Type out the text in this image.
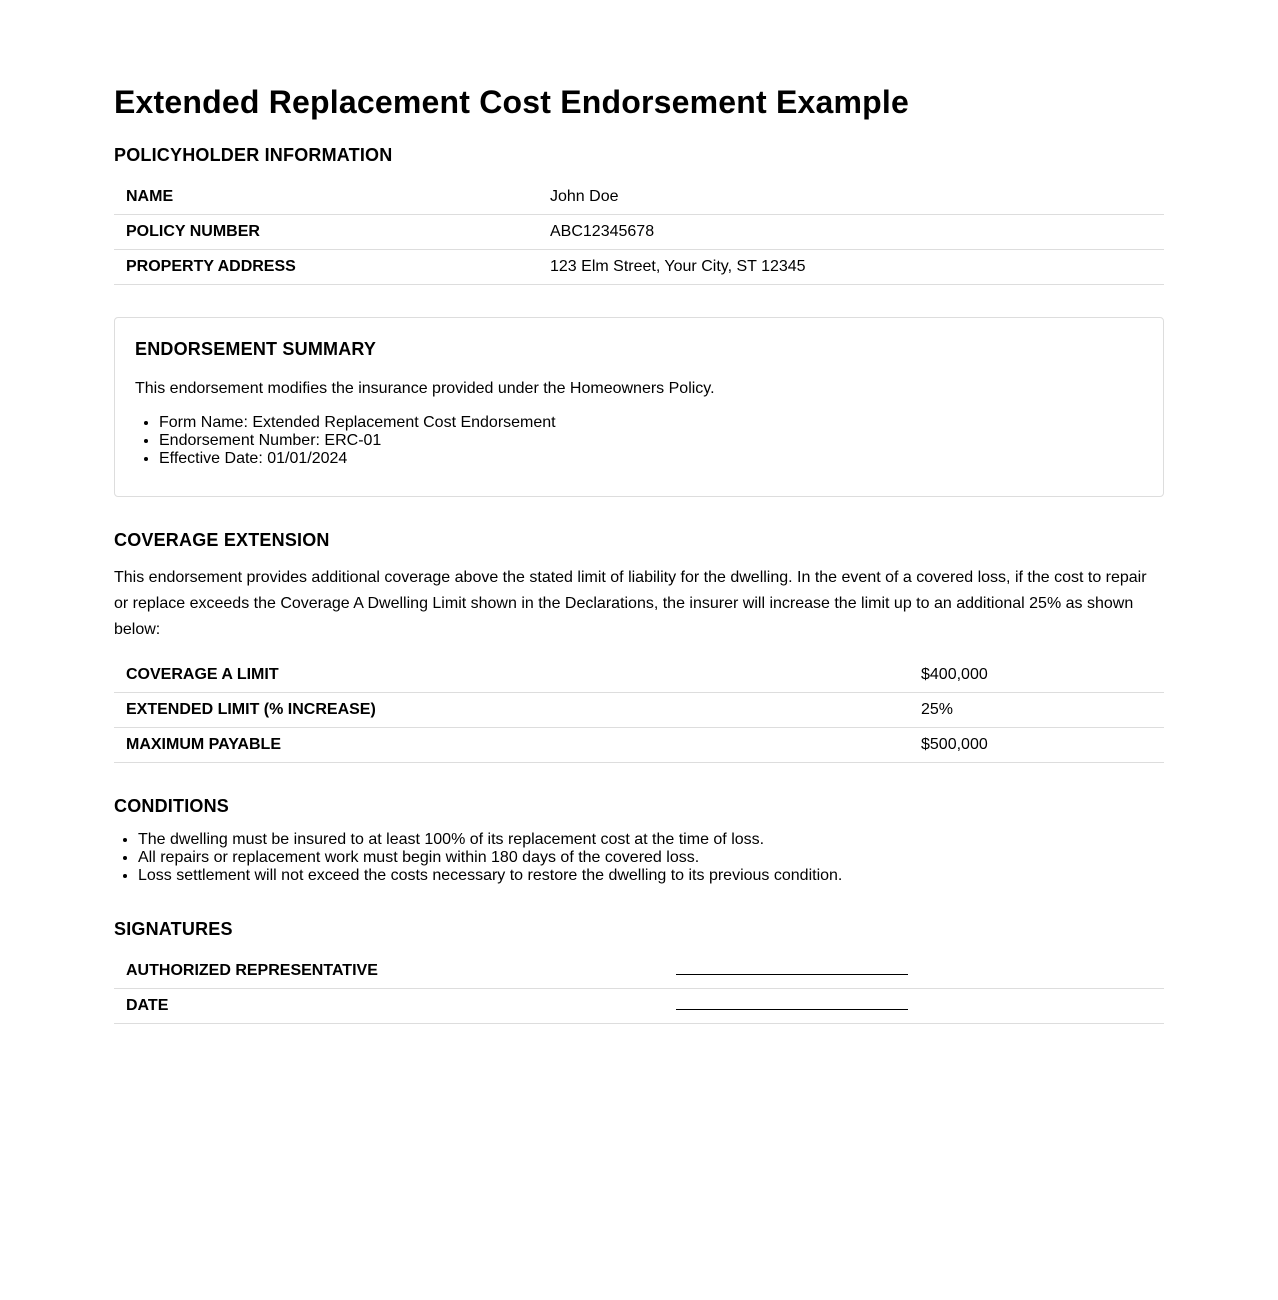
Extended Replacement Cost Endorsement Example
POLICYHOLDER INFORMATION
NAME	John Doe
POLICY NUMBER	ABC12345678
PROPERTY ADDRESS	123 Elm Street, Your City, ST 12345
ENDORSEMENT SUMMARY

This endorsement modifies the insurance provided under the Homeowners Policy.

• Form Name: Extended Replacement Cost Endorsement
• Endorsement Number: ERC-01
• Effective Date: 01/01/2024
COVERAGE EXTENSION

This endorsement provides additional coverage above the stated limit of liability for the dwelling. In the event of a covered loss, if the cost to repair or replace exceeds the Coverage A Dwelling Limit shown in the Declarations, the insurer will increase the limit up to an additional 25% as shown below:

COVERAGE A LIMIT	$400,000
EXTENDED LIMIT (% INCREASE)	25%
MAXIMUM PAYABLE	$500,000
CONDITIONS
• The dwelling must be insured to at least 100% of its replacement cost at the time of loss.
• All repairs or replacement work must begin within 180 days of the covered loss.
• Loss settlement will not exceed the costs necessary to restore the dwelling to its previous condition.
SIGNATURES
AUTHORIZED REPRESENTATIVE	
DATE	
